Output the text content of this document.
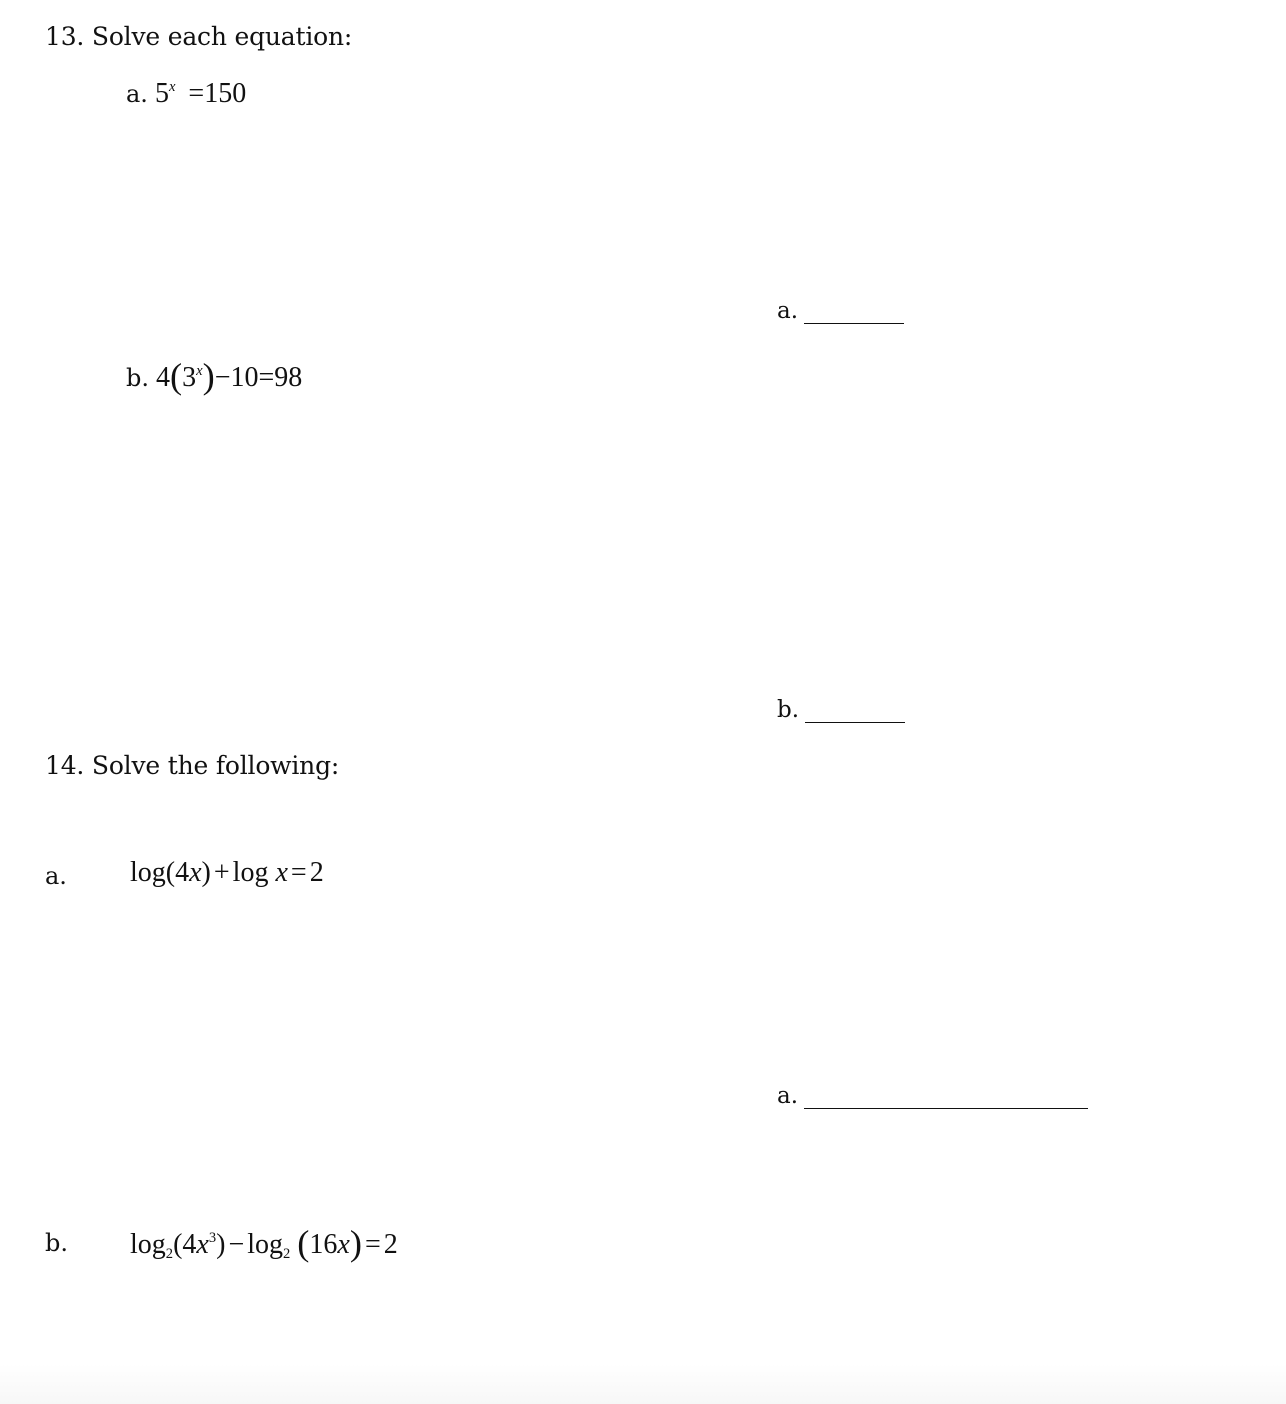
13. Solve each equation:
a. $5^x =150$
b. $4(3^x)-10=98$
a.
b.
a.
14. Solve the following:
a. log(4x) + log x = 2
b. $\log_2(4x^3) - \log_2 (16x) = 2$
